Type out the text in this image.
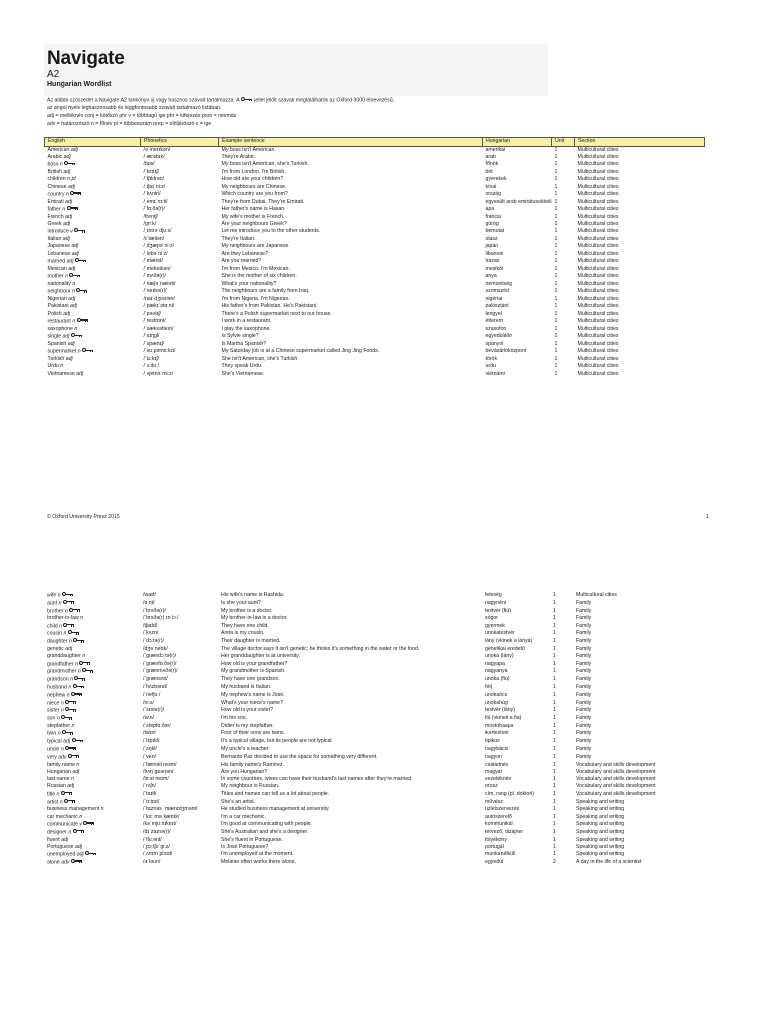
Navigate
A2
Hungarian Wordlist
Az alábbi szószedet a Navigate A2 tankönyv új vagy hasznos szavait tartalmazza. A	jellel jelölt szavak megtalálhatók az Oxford 3000 elnevezésű,
az angol nyelv leghasznosabb és leggfontosabb szavait tartalmazó listában.
adj = melléknév conj = kötőszó phr v = többtagú ige phr = kifejezés pron = névmás
adv = határozószó n = főnév pl = többesszám prep = elöljárószó v = ige
English	Phonetics	Example sentence	Hungarian	Unit	Section
American adj	/əˈmerɪkən/	My boss isn't American.	amerikai	1	Multicultural cities
Arabic adj	/ˈærəbɪk/	They're Arabic.	arab	1	Multicultural cities
boss n	/bɒs/	My boss isn't American, she's Turkish.	főnök	1	Multicultural cities
British adj	/ˈbrɪtɪʃ/	I'm from London. I'm British.	brit	1	Multicultural cities
children n pl	/ˈtʃɪldrən/	How old are your children?	gyerekek	1	Multicultural cities
Chinese adj	/ˌtʃaɪˈniːz/	My neighbours are Chinese.	kínai	1	Multicultural cities
country n	/ˈkʌntri/	Which country are you from?	ország	1	Multicultural cities
Emirati adj	/ˌemɪˈrɑːti/	They're from Dubai. They're Emirati.	egyesült arab emirátusokbeli	1	Multicultural cities
father n	/ˈfɑːðə(r)/	Her father's name is Hasan.	apa	1	Multicultural cities
French adj	/frentʃ/	My wife's mother is French.	francia	1	Multicultural cities
Greek adj	/ɡriːk/	Are your neighbours Greek?	görög	1	Multicultural cities
introduce v	/ˌɪntrəˈdjuːs/	Let me introduce you to the other students.	bemutat	1	Multicultural cities
Italian adj	/ɪˈtæliən/	They're Italian.	olasz	1	Multicultural cities
Japanese adj	/ˌdʒæpəˈniːz/	My neighbours are Japanese.	japán	1	Multicultural cities
Lebanese adj	/ˌlebəˈniːz/	Are they Lebanese?	libanoni	1	Multicultural cities
married adj	/ˈmærid/	Are you married?	házas	1	Multicultural cities
Mexican adj	/ˈmeksɪkən/	I'm from Mexico. I'm Mexican.	mexikói	1	Multicultural cities
mother n	/ˈmʌðə(r)/	She is the mother of six children.	anya	1	Multicultural cities
nationality n	/ˌnæʃəˈnæləti/	What's your nationality?	nemzetiség	1	Multicultural cities
neighbour n	/ˈneɪbə(r)/	The neighbours are a family from Iraq.	szomszéd	1	Multicultural cities
Nigerian adj	/naɪˈdʒɪəriən/	I'm from Nigeria. I'm Nigerian.	nigériai	1	Multicultural cities
Pakistani adj	/ˌpækɪˈstɑːni/	His father's from Pakistan. He's Pakistani.	pakisztáni	1	Multicultural cities
Polish adj	/ˈpəʊlɪʃ/	There's a Polish supermarket next to our house.	lengyel	1	Multicultural cities
restaurant n	/ˈrestrɒnt/	I work in a restaurant.	étterem	1	Multicultural cities
saxophone n	/ˈsæksəfəʊn/	I play the saxophone.	szaxofon	1	Multicultural cities
single adj	/ˈsɪŋɡl/	Is Sylvie single?	egyedülálló	1	Multicultural cities
Spanish adj	/ˈspænɪʃ/	Is Martha Spanish?	spanyol	1	Multicultural cities
supermarket n	/ˈsuːpəmɑːkɪt/	My Saturday job is at a Chinese supermarket called Jing Jing Foods.	bevásárlóközpont	1	Multicultural cities
Turkish adj	/ˈtɜːkɪʃ/	She isn't American, she's Turkish.	török	1	Multicultural cities
Urdu n	/ˈɜːduː/	They speak Urdu.	urdu	1	Multicultural cities
Vietnamese adj	/ˌvjetnəˈmiːz/	She's Vietnamese.	vietnámi	1	Multicultural cities
© Oxford University Press 2015	1
wife n	/waɪf/	His wife's name is Rashida.	feleség	1	Multicultural cities
aunt n	/ɑːnt/	Is she your aunt?	nagynéni	1	Family
brother n	/ˈbrʌðə(r)/	My brother is a doctor.	testvér (fiú)	1	Family
brother-in-law n	/ˈbrʌðə(r) ɪn lɔː/	My brother-in-law is a doctor.	sógor	1	Family
child n	/tʃaɪld/	They have one child.	gyermek	1	Family
cousin n	/ˈkʌzn/	Anna is my cousin.	unokatestvér	1	Family
daughter n	/ˈdɔːtə(r)/	Their daughter is married.	lány (vkinek a lánya)	1	Family
genetic adj	/dʒəˈnetɪk/	The village doctor says it isn't genetic; he thinks it's something in the water or the food.	genetikai eredetű	1	Family
granddaughter n	/ˈɡrændɔːtə(r)/	Her granddaughter is at university.	unoka (lány)	1	Family
grandfather n	/ˈɡrænfɑːðə(r)/	How old is your grandfather?	nagyapa	1	Family
grandmother n	/ˈɡrænmʌðə(r)/	My grandmother is Spanish.	nagyanya	1	Family
grandson n	/ˈɡrænsʌn/	They have one grandson.	unoka (fiú)	1	Family
husband n	/ˈhʌzbənd/	My husband is Italian.	férj	1	Family
nephew n	/ˈnefjuː/	My nephew's name is José.	unokaöcs	1	Family
niece n	/niːs/	What's your niece's name?	unokahúg	1	Family
sister n	/ˈsɪstə(r)/	How old is your sister?	testvér (lány)	1	Family
son n	/sʌn/	I'm his son.	fiú (vkinek a fia)	1	Family
stepfather n	/ˈstepfɑːðər/	Didier is my stepfather.	mostohaapa	1	Family
twin n	/twɪn/	Four of their sons are twins.	ikertestvér	1	Family
typical adj	/ˈtɪpɪkl/	It's a typical village, but its people are not typical.	tipikus	1	Family
uncle n	/ˈʌŋkl/	My uncle's a teacher.	nagybácsi	1	Family
very adv	/ˈveri/	Bernardo Paz decided to use the space for something very different.	nagyon	1	Family
family name n	/ˈfæməli neɪm/	His family name's Ramírez.	családnév	1	Vocabulary and skills development
Hungarian adj	/hʌŋˈɡeəriən/	Are you Hungarian?	magyar	1	Vocabulary and skills development
last name n	/lɑːst neɪm/	In some countries, wives can have their husband's last names after they're married.	vezetéknév	1	Vocabulary and skills development
Russian adj	/ˈrʌʃn/	My neighbour is Russian.	orosz	1	Vocabulary and skills development
title n	/ˈtaɪtl/	Titles and names can tell us a lot about people.	cím, rang (pl. doktori)	1	Vocabulary and skills development
artist n	/ˈɑːtɪst/	She's an artist.	művész	1	Speaking and writing
business management n	/ˈbɪznəs ˈmænɪdʒmənt/	He studied business management at university.	üzletszervezés	1	Speaking and writing
car mechanic n	/ˈkɑː məˌkænɪk/	I'm a car mechanic.	autószerelő	1	Speaking and writing
communicate v	/kəˈmjuːnɪkeɪt/	I'm good at communicating with people.	kommunikál	1	Speaking and writing
designer n	/dɪˈzaɪnə(r)/	She's Australian and she's a designer.	tervező, dizájner	1	Speaking and writing
fluent adj	/ˈfluːənt/	She's fluent in Portuguese.	folyékony	1	Speaking and writing
Portuguese adj	/ˌpɔːtʃʊˈɡiːz/	Is José Portuguese?	portugál	1	Speaking and writing
unemployed adj	/ˌʌnɪmˈplɔɪd/	I'm unemployed at the moment.	munkanélküli	1	Speaking and writing
alone adv	/əˈləʊn/	Melanie often works there alone.	egyedül	2	A day in the life of a scientist
